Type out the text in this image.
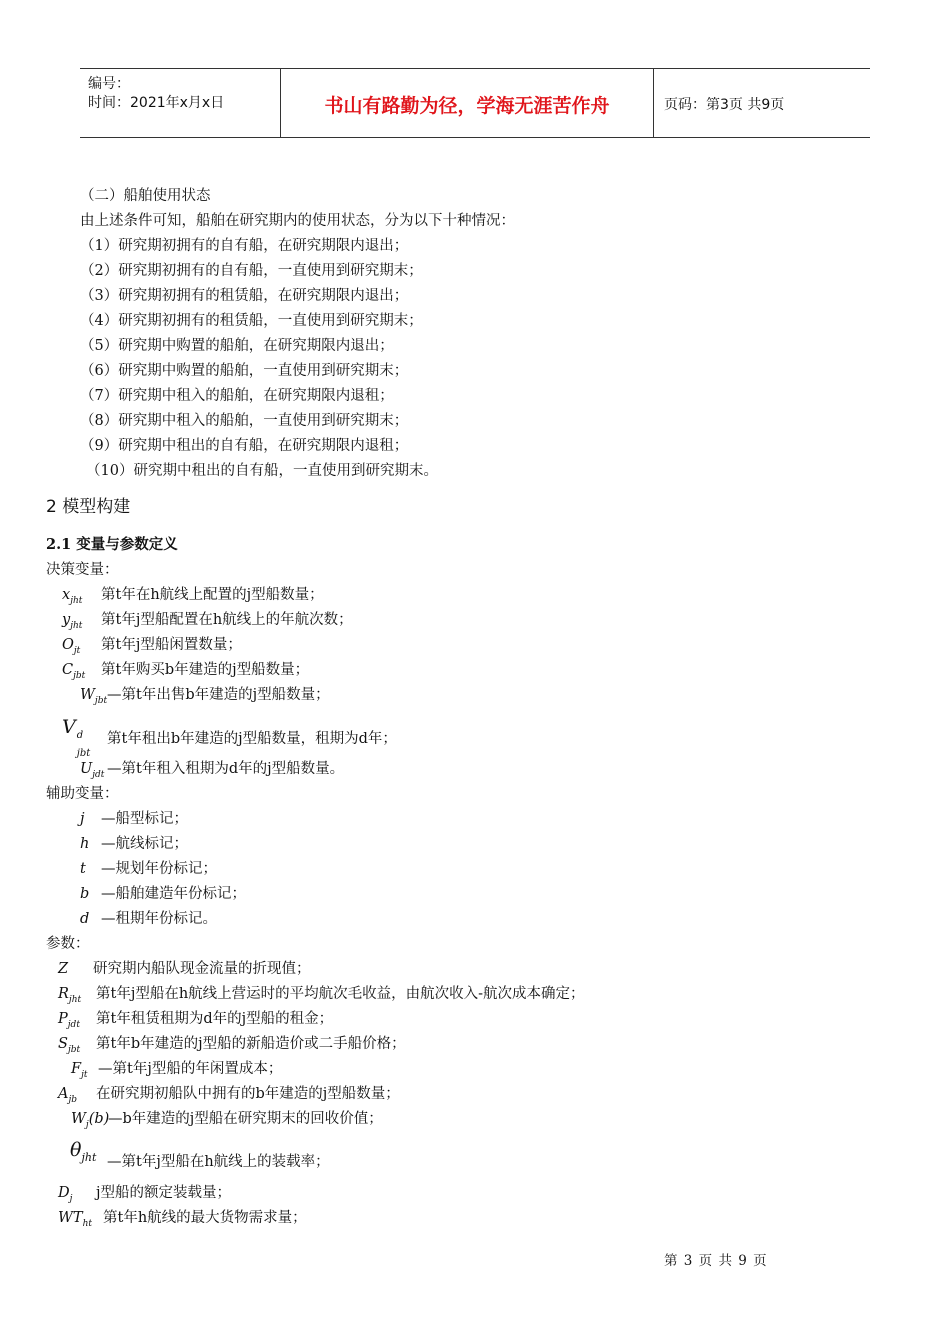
编号：
时间：2021年x月x日	书山有路勤为径，学海无涯苦作舟	页码：第3页 共9页
（二）船舶使用状态
由上述条件可知，船舶在研究期内的使用状态，分为以下十种情况：
（1）研究期初拥有的自有船，在研究期限内退出；
（2）研究期初拥有的自有船，一直使用到研究期末；
（3）研究期初拥有的租赁船，在研究期限内退出；
（4）研究期初拥有的租赁船，一直使用到研究期末；
（5）研究期中购置的船舶，在研究期限内退出；
（6）研究期中购置的船舶，一直使用到研究期末；
（7）研究期中租入的船舶，在研究期限内退租；
（8）研究期中租入的船舶，一直使用到研究期末；
（9）研究期中租出的自有船，在研究期限内退租；
（10）研究期中租出的自有船，一直使用到研究期末。
2 模型构建
2.1 变量与参数定义
决策变量：
$x_{jht}$ 第t年在h航线上配置的j型船数量；
$y_{jht}$ 第t年j型船配置在h航线上的年航次数；
$O_{jt}$ 第t年j型船闲置数量；
$C_{jbt}$ 第t年购买b年建造的j型船数量；
$W_{jbt}$ —第t年出售b年建造的j型船数量；
V d
jbt
第t年租出b年建造的j型船数量，租期为d年；
$U_{jdt}$ —第t年租入租期为d年的j型船数量。
辅助变量：
j —船型标记；
h —航线标记；
t —规划年份标记；
b —船舶建造年份标记；
d —租期年份标记。
参数：
Z 研究期内船队现金流量的折现值；
$R_{jht}$ 第t年j型船在h航线上营运时的平均航次毛收益，由航次收入-航次成本确定；
$P_{jdt}$ 第t年租赁租期为d年的j型船的租金；
$S_{jbt}$ 第t年b年建造的j型船的新船造价或二手船价格；
$F_{jt}$ —第t年j型船的年闲置成本；
$A_{jb}$ 在研究期初船队中拥有的b年建造的j型船数量；
$W_j(b)$
—b年建造的j型船在研究期末的回收价值；
$\theta_{jht}$ —第t年j型船在h航线上的装载率；
$D_j$ j型船的额定装载量；
$WT_{ht}$ 第t年h航线的最大货物需求量；
第 3 页 共 9 页
